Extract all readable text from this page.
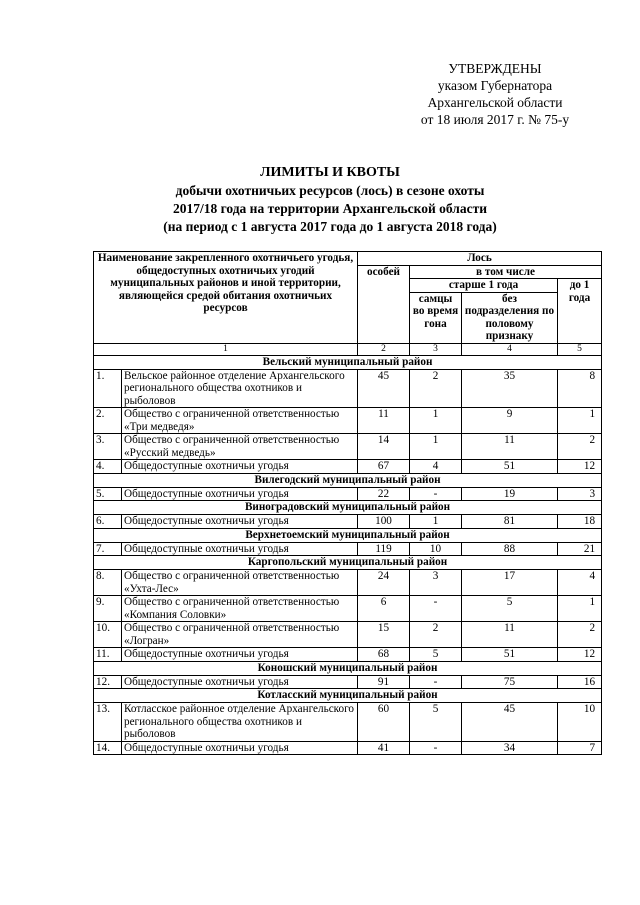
УТВЕРЖДЕНЫ
указом Губернатора
Архангельской области
от 18 июля 2017 г. № 75-у
ЛИМИТЫ И КВОТЫ
добычи охотничьих ресурсов (лось) в сезоне охоты
2017/18 года на территории Архангельской области
(на период с 1 августа 2017 года до 1 августа 2018 года)
Наименование закрепленного охотничьего угодья, общедоступных охотничьих угодий муниципальных районов и иной территории, являющейся средой обитания охотничьих ресурсов		Лось			
		особей	в том числе		
			старше 1 года		до 1 года
			самцы во время гона	без подразделения по половому признаку	
1		2	3	4	5
Вельский муниципальный район					
1.	Вельское районное отделение Архангельского регионального общества охотников и рыболовов	45	2	35	8
2.	Общество с ограниченной ответственностью «Три медведя»	11	1	9	1
3.	Общество с ограниченной ответственностью «Русский медведь»	14	1	11	2
4.	Общедоступные охотничьи угодья	67	4	51	12
Вилегодский муниципальный район					
5.	Общедоступные охотничьи угодья	22	-	19	3
Виноградовский муниципальный район					
6.	Общедоступные охотничьи угодья	100	1	81	18
Верхнетоемский муниципальный район					
7.	Общедоступные охотничьи угодья	119	10	88	21
Каргопольский муниципальный район					
8.	Общество с ограниченной ответственностью «Ухта-Лес»	24	3	17	4
9.	Общество с ограниченной ответственностью «Компания Соловки»	6	-	5	1
10.	Общество с ограниченной ответственностью «Логран»	15	2	11	2
11.	Общедоступные охотничьи угодья	68	5	51	12
Коношский муниципальный район					
12.	Общедоступные охотничьи угодья	91	-	75	16
Котласский муниципальный район					
13.	Котласское районное отделение Архангельского регионального общества охотников и рыболовов	60	5	45	10
14.	Общедоступные охотничьи угодья	41	-	34	7
